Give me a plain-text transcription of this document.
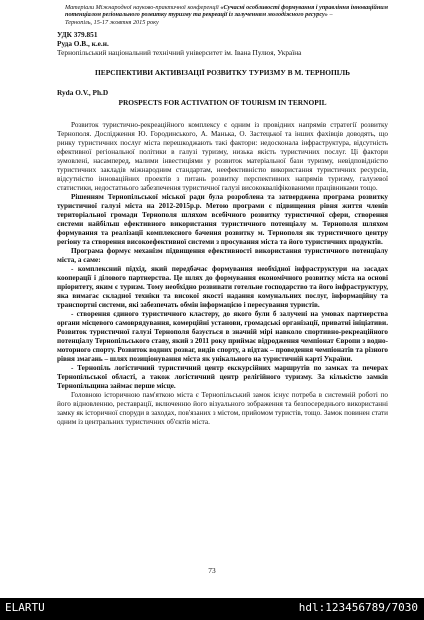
Матеріали Міжнародної науково-практичної конференції «Сучасні особливості формування і управління інноваційним потенціалом регіонального розвитку туризму та рекреації із залученням молодіжного ресурсу» –
Тернопіль, 15-17 жовтня 2015 року
УДК 379.851
Руда О.В., к.е.н.
Тернопільський національний технічний університет ім. Івана Пулюя, Україна
ПЕРСПЕКТИВИ АКТИВІЗАЦІЇ РОЗВИТКУ ТУРИЗМУ В М. ТЕРНОПІЛЬ
Ryda O.V., Ph.D
PROSPECTS FOR ACTIVATION OF TOURISM IN TERNOPIL

Розвиток туристично-рекреаційного комплексу є одним із провідних напрямів стратегії розвитку Тернополя. Дослідження Ю. Городинського, А. Манька, О. Застецької та інших фахівців доводять, що ринку туристичних послуг міста перешкоджають такі фактори: недосконала інфраструктура, відсутність ефективної регіональної політики в галузі туризму, низька якість туристичних послуг. Ці фактори зумовлені, насамперед, малими інвестиціями у розвиток матеріальної бази туризму, невідповідністю туристичних закладів міжнародним стандартам, неефективністю використання туристичних ресурсів, відсутністю інноваційних проектів з питань розвитку перспективних напрямів туризму, галузевої статистики, недостатнього забезпечення туристичної галузі висококваліфікованими працівниками тощо.

Рішенням Тернопільської міської ради була розроблена та затверджена програма розвитку туристичної галузі міста на 2012-2015р.р. Метою програми є підвищення рівня життя членів територіальної громади Тернополя шляхом всебічного розвитку туристичної сфери, створення системи найбільш ефективного використання туристичного потенціалу м. Тернополя шляхом формування та реалізації комплексного бачення розвитку м. Тернополя як туристичного центру регіону та створення високоефективної системи з просування міста та його туристичних продуктів.

Програма формує механізм підвищення ефективності використання туристичного потенціалу міста, а саме:

- комплексний підхід, який передбачає формування необхідної інфраструктури на засадах кооперації і ділового партнерства. Це шлях до формування економічного розвитку міста на основі пріоритету, яким є туризм. Тому необхідно розвивати готельне господарство та його інфраструктуру, яка вимагає складної техніки та високої якості надання комунальних послуг, інформаційну та транспортні системи, які забезпечать обмін інформацією і пересування туристів.

- створення єдиного туристичного кластеру, до якого були б залучені на умовах партнерства органи місцевого самоврядування, комерційні установи, громадські організації, приватні ініціативи. Розвиток туристичної галузі Тернополя базується в значній мірі навколо спортивно-рекреаційного потенціалу Тернопільського ставу, який з 2011 року приймає відродження чемпіонат Європи з водно-моторного спорту. Розвиток водних розваг, видів спорту, а відтак – проведення чемпіонатів та різного рівня змагань – шлях позиціонування міста як унікального на туристичній карті України.

- Тернопіль логістичний туристичний центр екскурсійних маршрутів по замках та печерах Тернопільської області, а також логістичний центр релігійного туризму. За кількістю замків Тернопільщина займає перше місце.

Головною історичною пам'яткою міста є Тернопільський замок існує потреба в системній роботі по його відновленню, реставрації, включенню його візуального зображення та безпосереднього використанні замку як історичної споруди в заходах, пов'язаних з містом, прийомом туристів, тощо. Замок повинен стати одним із центральних туристичних об'єктів міста.

73
ELARTU	hdl:123456789/7030
